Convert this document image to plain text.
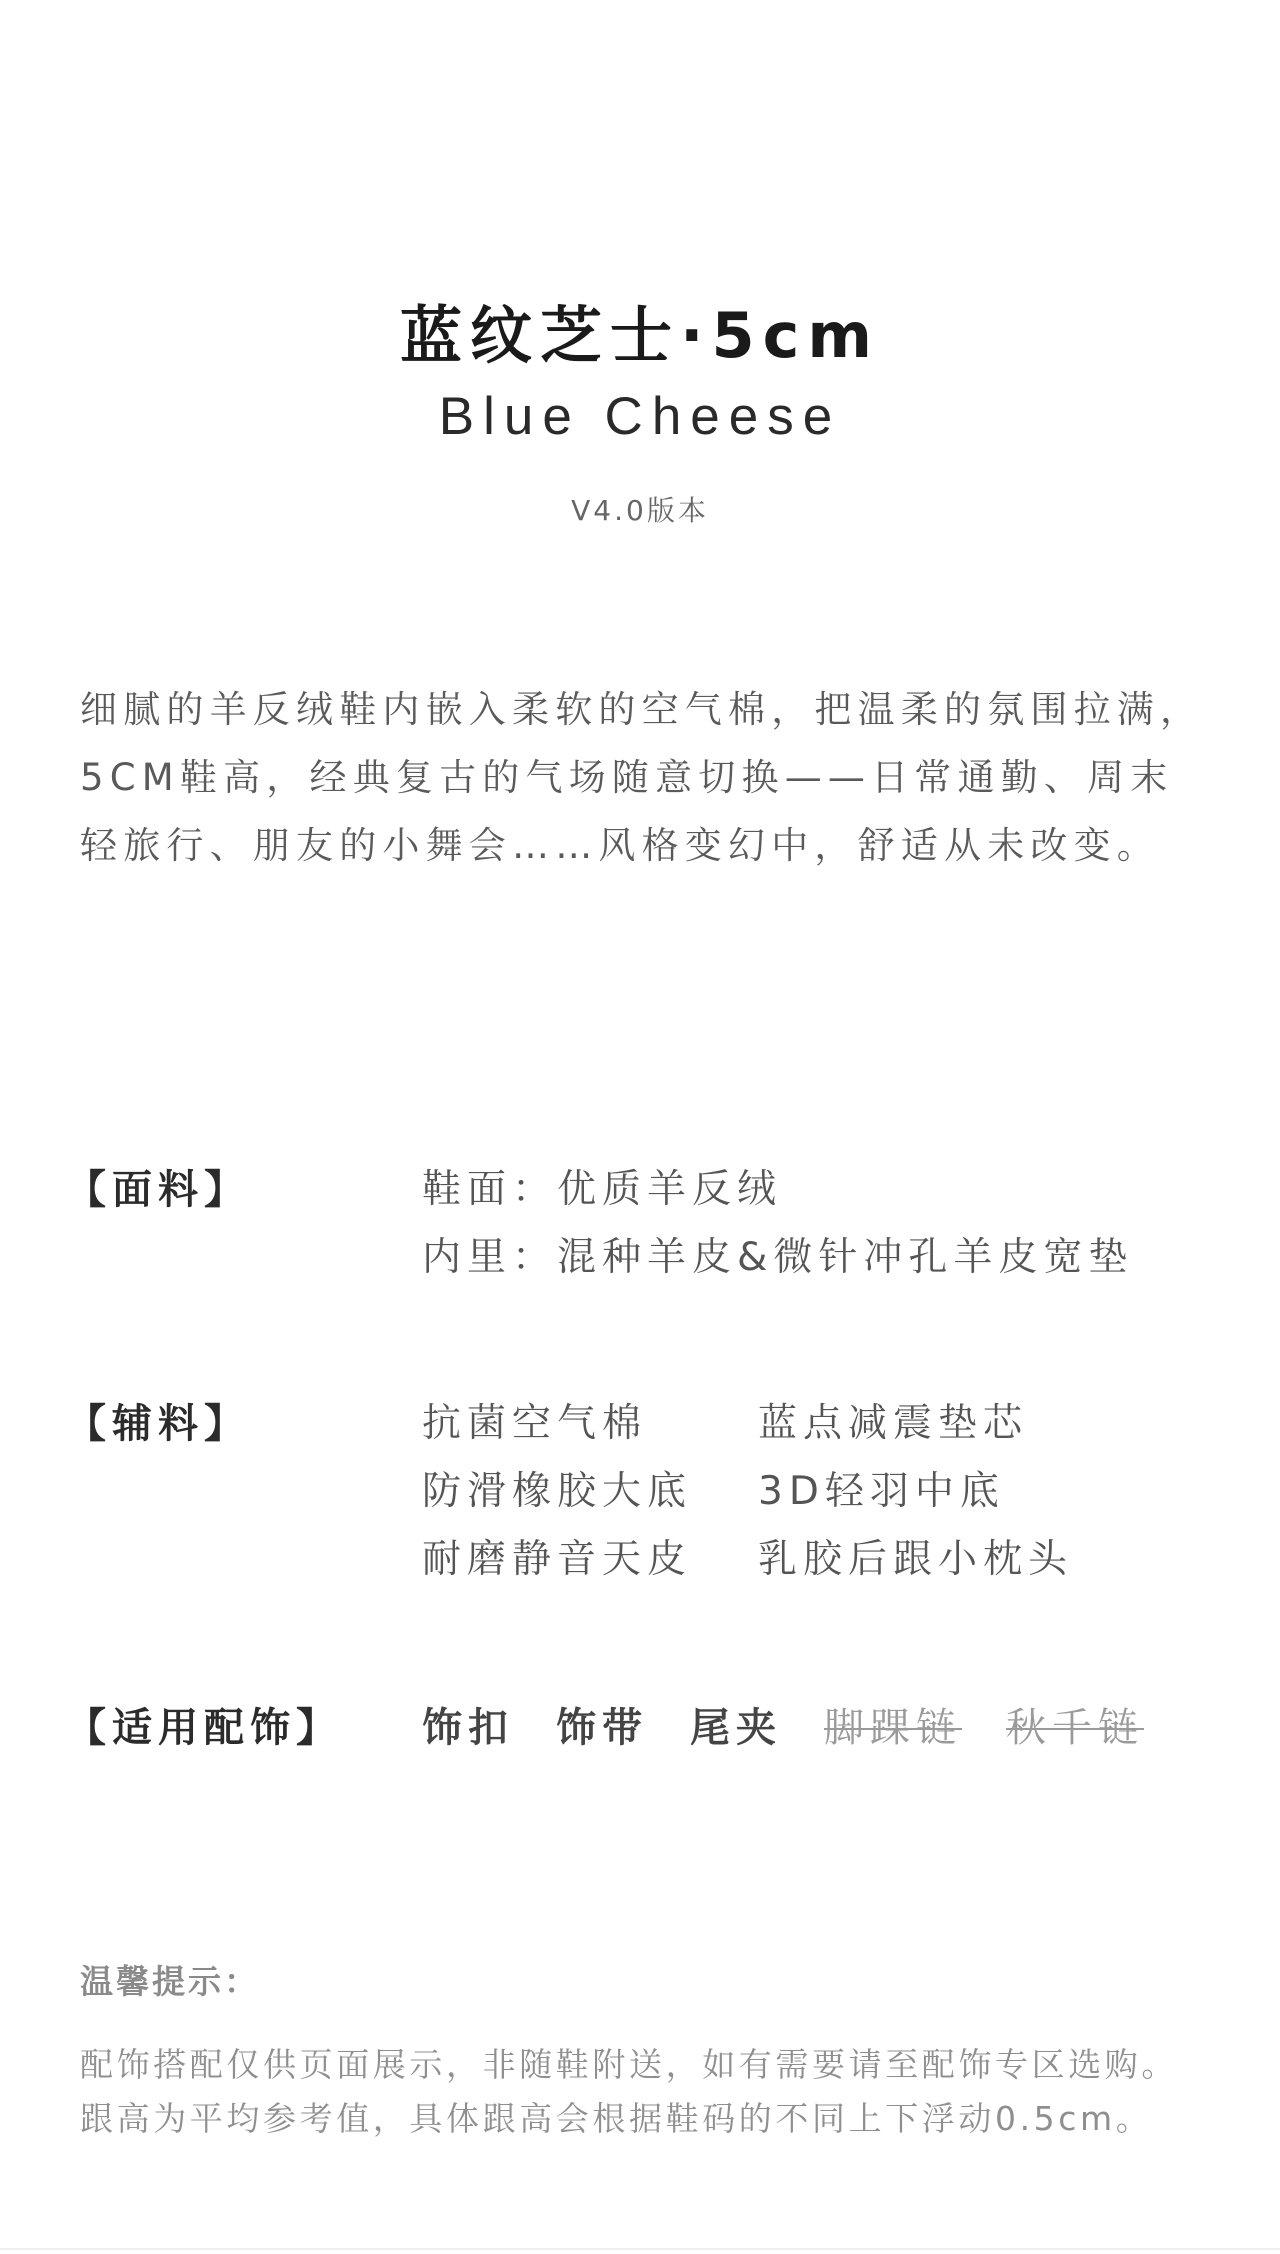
蓝纹芝士·5cm
Blue Cheese
V4.0版本
细腻的羊反绒鞋内嵌入柔软的空气棉，把温柔的氛围拉满，5CM鞋高，经典复古的气场随意切换——日常通勤、周末轻旅行、朋友的小舞会……风格变幻中，舒适从未改变。
【面料】	鞋面：优质羊反绒
内里：混种羊皮&微针冲孔羊皮宽垫
【辅料】	抗菌空气棉	蓝点减震垫芯
防滑橡胶大底 3D轻羽中底
耐磨静音天皮 乳胶后跟小枕头
【适用配饰】 饰扣 饰带 尾夹 脚踝链 秋千链
温馨提示：
配饰搭配仅供页面展示，非随鞋附送，如有需要请至配饰专区选购。
跟高为平均参考值，具体跟高会根据鞋码的不同上下浮动0.5cm。
